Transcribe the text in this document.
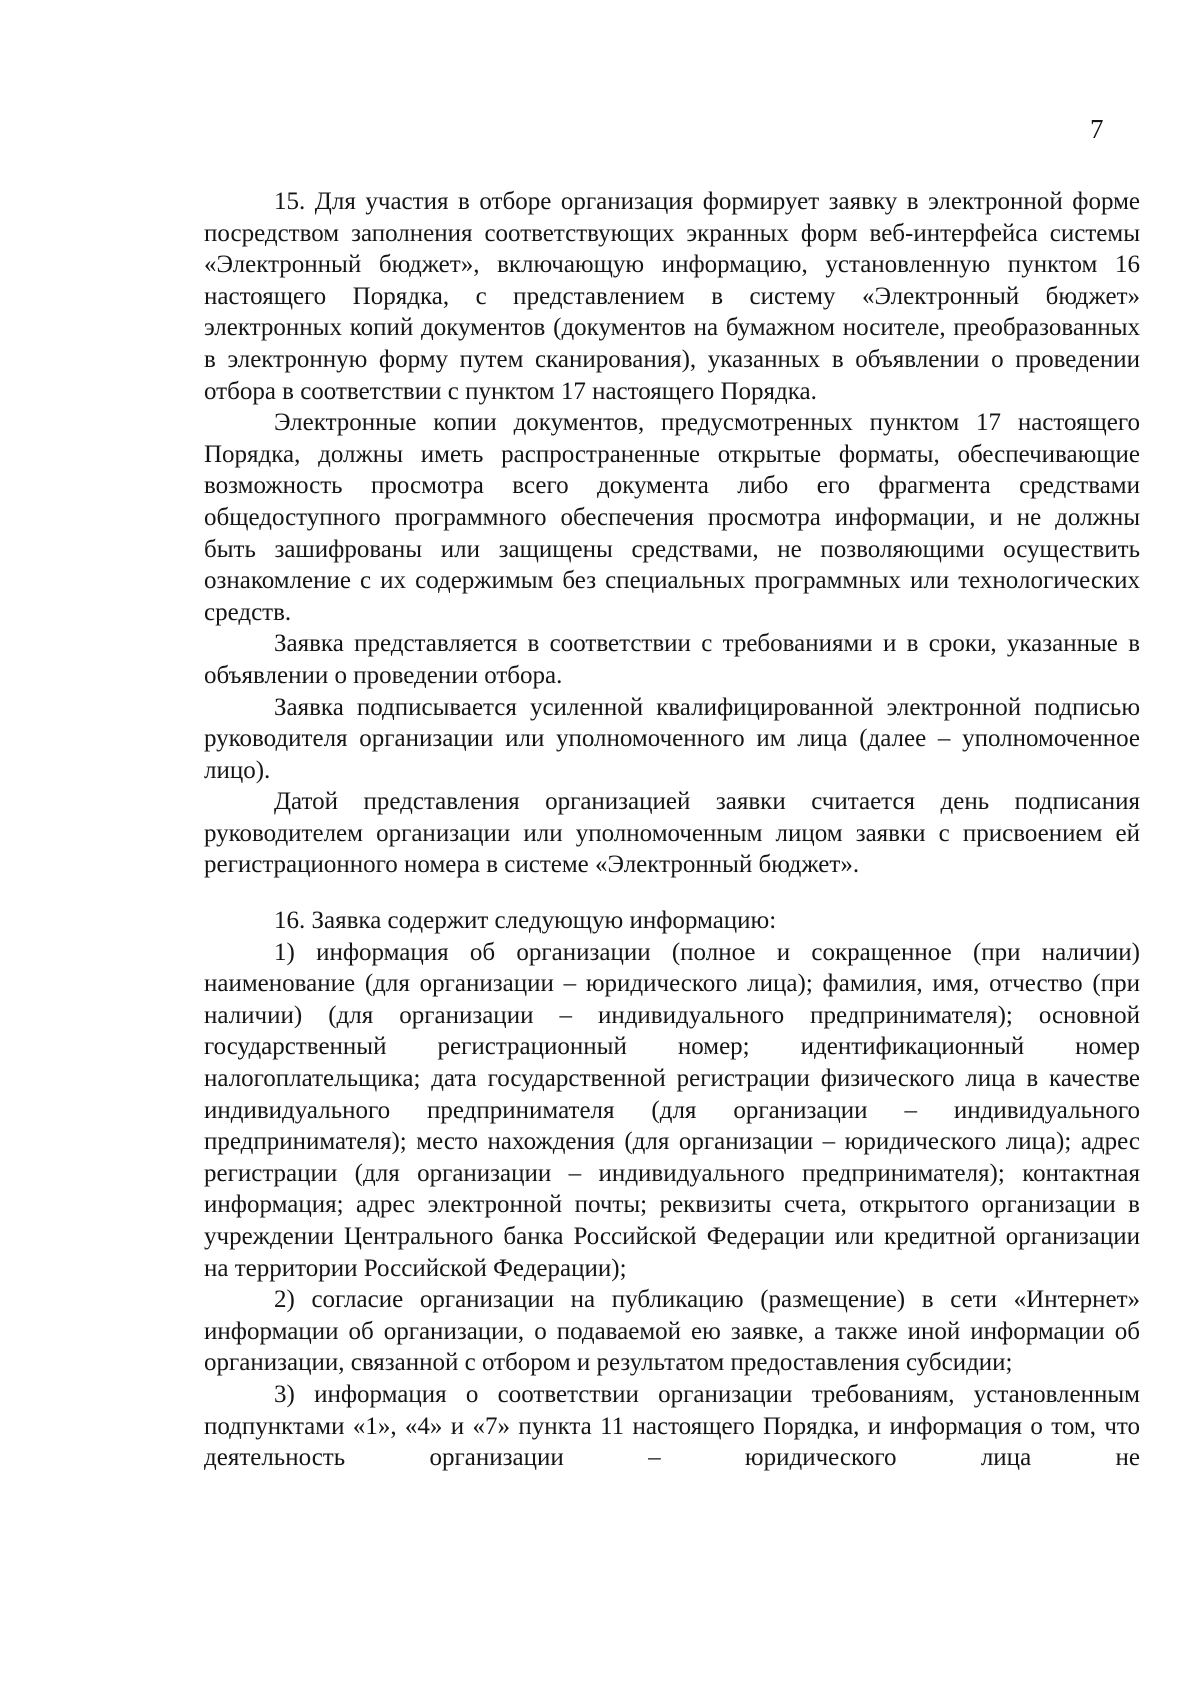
7

15. Для участия в отборе организация формирует заявку в электронной форме посредством заполнения соответствующих экранных форм веб-интерфейса системы «Электронный бюджет», включающую информацию, установленную пунктом 16 настоящего Порядка, с представлением в систему «Электронный бюджет» электронных копий документов (документов на бумажном носителе, преобразованных в электронную форму путем сканирования), указанных в объявлении о проведении отбора в соответствии с пунктом 17 настоящего Порядка.

Электронные копии документов, предусмотренных пунктом 17 настоящего Порядка, должны иметь распространенные открытые форматы, обеспечивающие возможность просмотра всего документа либо его фрагмента средствами общедоступного программного обеспечения просмотра информации, и не должны быть зашифрованы или защищены средствами, не позволяющими осуществить ознакомление с их содержимым без специальных программных или технологических средств.

Заявка представляется в соответствии с требованиями и в сроки, указанные в объявлении о проведении отбора.

Заявка подписывается усиленной квалифицированной электронной подписью руководителя организации или уполномоченного им лица (далее – уполномоченное лицо).

Датой представления организацией заявки считается день подписания руководителем организации или уполномоченным лицом заявки с присвоением ей регистрационного номера в системе «Электронный бюджет».

16. Заявка содержит следующую информацию:

1) информация об организации (полное и сокращенное (при наличии) наименование (для организации – юридического лица); фамилия, имя, отчество (при наличии) (для организации – индивидуального предпринимателя); основной государственный регистрационный номер; идентификационный номер налогоплательщика; дата государственной регистрации физического лица в качестве индивидуального предпринимателя (для организации – индивидуального предпринимателя); место нахождения (для организации – юридического лица); адрес регистрации (для организации – индивидуального предпринимателя); контактная информация; адрес электронной почты; реквизиты счета, открытого организации в учреждении Центрального банка Российской Федерации или кредитной организации на территории Российской Федерации);

2) согласие организации на публикацию (размещение) в сети «Интернет» информации об организации, о подаваемой ею заявке, а также иной информации об организации, связанной с отбором и результатом предоставления субсидии;

3) информация о соответствии организации требованиям, установленным подпунктами «1», «4» и «7» пункта 11 настоящего Порядка, и информация о том, что деятельность организации – юридического лица не
